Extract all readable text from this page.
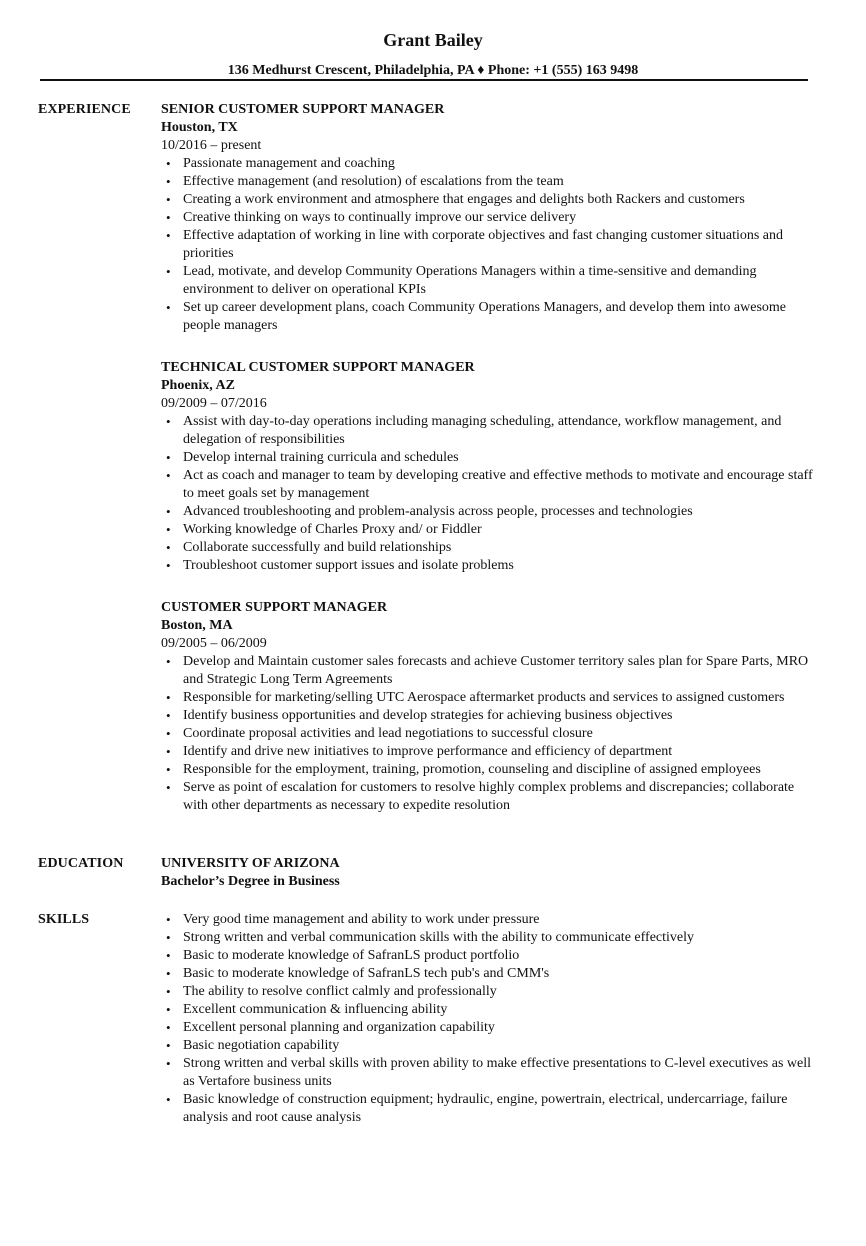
Grant Bailey
136 Medhurst Crescent, Philadelphia, PA ♦ Phone: +1 (555) 163 9498
EXPERIENCE	SENIOR CUSTOMER SUPPORT MANAGER
Houston, TX
10/2016 – present
• Passionate management and coaching
• Effective management (and resolution) of escalations from the team
• Creating a work environment and atmosphere that engages and delights both Rackers and customers
• Creative thinking on ways to continually improve our service delivery
• Effective adaptation of working in line with corporate objectives and fast changing customer situations and priorities
• Lead, motivate, and develop Community Operations Managers within a time-sensitive and demanding environment to deliver on operational KPIs
• Set up career development plans, coach Community Operations Managers, and develop them into awesome people managers
TECHNICAL CUSTOMER SUPPORT MANAGER
Phoenix, AZ
09/2009 – 07/2016
• Assist with day-to-day operations including managing scheduling, attendance, workflow management, and delegation of responsibilities
• Develop internal training curricula and schedules
• Act as coach and manager to team by developing creative and effective methods to motivate and encourage staff to meet goals set by management
• Advanced troubleshooting and problem-analysis across people, processes and technologies
• Working knowledge of Charles Proxy and/ or Fiddler
• Collaborate successfully and build relationships
• Troubleshoot customer support issues and isolate problems
CUSTOMER SUPPORT MANAGER
Boston, MA
09/2005 – 06/2009
• Develop and Maintain customer sales forecasts and achieve Customer territory sales plan for Spare Parts, MRO and Strategic Long Term Agreements
• Responsible for marketing/selling UTC Aerospace aftermarket products and services to assigned customers
• Identify business opportunities and develop strategies for achieving business objectives
• Coordinate proposal activities and lead negotiations to successful closure
• Identify and drive new initiatives to improve performance and efficiency of department
• Responsible for the employment, training, promotion, counseling and discipline of assigned employees
• Serve as point of escalation for customers to resolve highly complex problems and discrepancies; collaborate with other departments as necessary to expedite resolution
EDUCATION	UNIVERSITY OF ARIZONA
Bachelor’s Degree in Business
SKILLS
•	Very good time management and ability to work under pressure
• Strong written and verbal communication skills with the ability to communicate effectively
• Basic to moderate knowledge of SafranLS product portfolio
• Basic to moderate knowledge of SafranLS tech pub's and CMM's
• The ability to resolve conflict calmly and professionally
• Excellent communication & influencing ability
• Excellent personal planning and organization capability
• Basic negotiation capability
• Strong written and verbal skills with proven ability to make effective presentations to C-level executives as well as Vertafore business units
• Basic knowledge of construction equipment; hydraulic, engine, powertrain, electrical, undercarriage, failure analysis and root cause analysis
